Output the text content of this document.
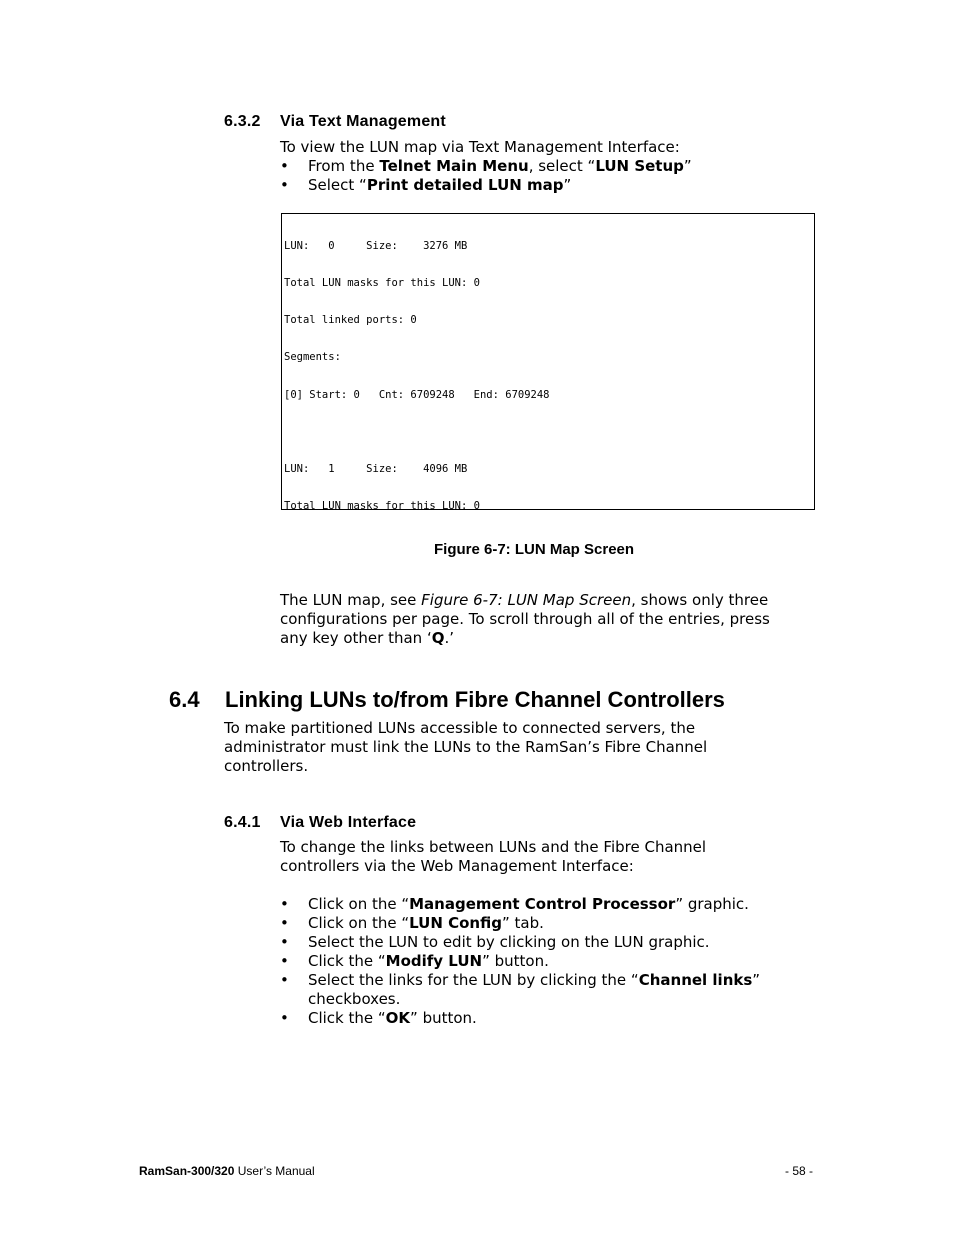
6.3.2 Via Text Management
To view the LUN map via Text Management Interface:
• From the Telnet Main Menu, select “LUN Setup”
• Select “Print detailed LUN map”

LUN:   0     Size:    3276 MB

Total LUN masks for this LUN: 0

Total linked ports: 0

Segments:

[0] Start: 0   Cnt: 6709248   End: 6709248

LUN:   1     Size:    4096 MB

Total LUN masks for this LUN: 0

Figure 6-7: LUN Map Screen
The LUN map, see Figure 6-7: LUN Map Screen, shows only three
configurations per page. To scroll through all of the entries, press
any key other than ‘Q.’
6.4 Linking LUNs to/from Fibre Channel Controllers
To make partitioned LUNs accessible to connected servers, the
administrator must link the LUNs to the RamSan’s Fibre Channel
controllers.
6.4.1 Via Web Interface
To change the links between LUNs and the Fibre Channel
controllers via the Web Management Interface:
• Click on the “Management Control Processor” graphic.
• Click on the “LUN Config” tab.
• Select the LUN to edit by clicking on the LUN graphic.
• Click the “Modify LUN” button.
• Select the links for the LUN by clicking the “Channel links”
checkboxes.
• Click the “OK” button.
RamSan-300/320 User’s Manual	- 58 -
